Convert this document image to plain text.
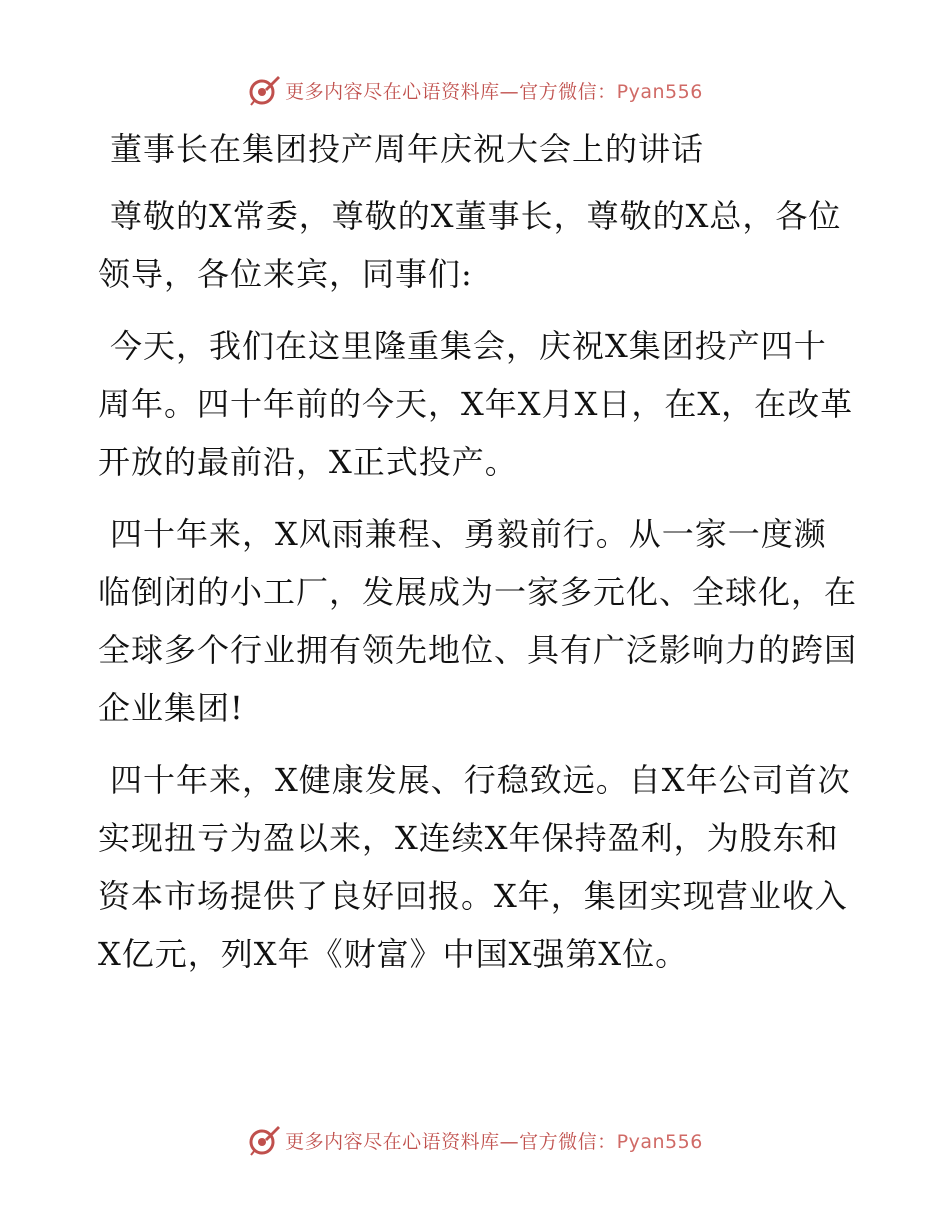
更多内容尽在心语资料库—官方微信：Pyan556
董事长在集团投产周年庆祝大会上的讲话

尊敬的X常委，尊敬的X董事长，尊敬的X总，各位领导，各位来宾，同事们:

今天，我们在这里隆重集会，庆祝X集团投产四十周年。四十年前的今天，X年X月X日，在X，在改革开放的最前沿，X正式投产。

四十年来，X风雨兼程、勇毅前行。从一家一度濒临倒闭的小工厂，发展成为一家多元化、全球化，在全球多个行业拥有领先地位、具有广泛影响力的跨国企业集团!

四十年来，X健康发展、行稳致远。自X年公司首次实现扭亏为盈以来，X连续X年保持盈利，为股东和资本市场提供了良好回报。X年，集团实现营业收入X亿元，列X年《财富》中国X强第X位。

更多内容尽在心语资料库—官方微信：Pyan556
